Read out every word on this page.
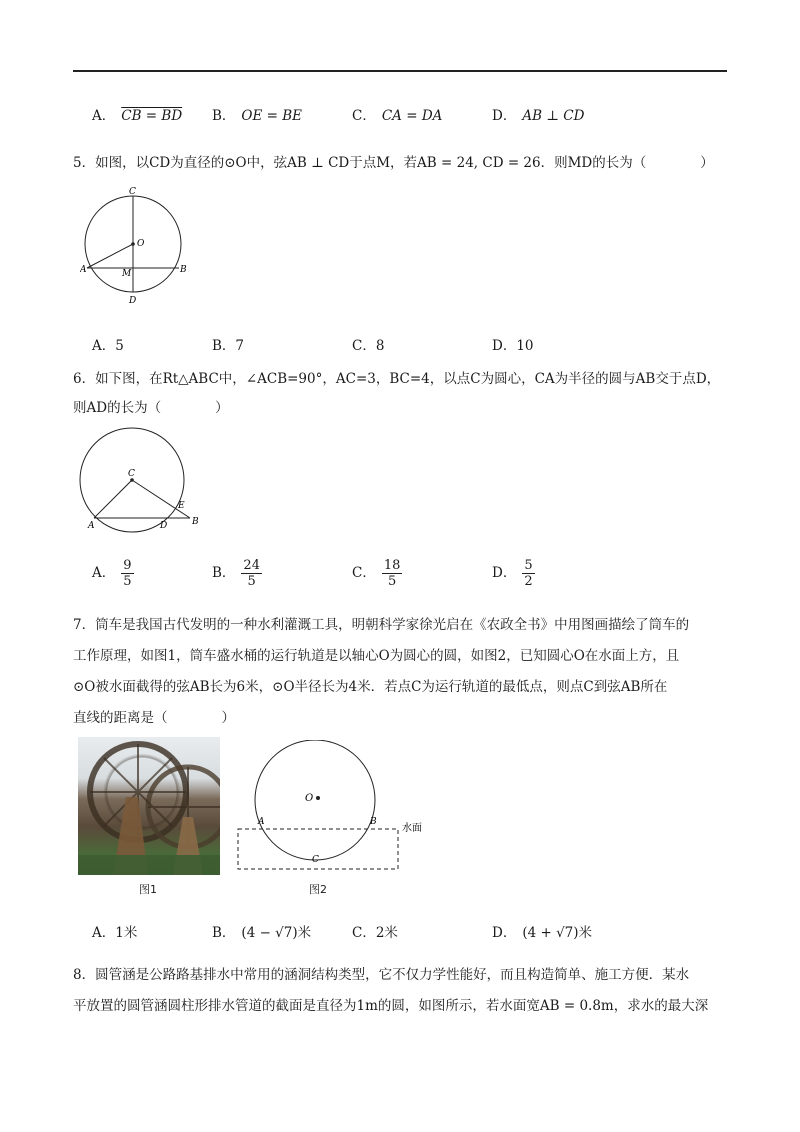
A． CB = BD B． OE = BE	C． CA = DA	D． AB ⊥ CD
5．如图，以CD为直径的⊙O中，弦AB ⊥ CD于点M，若AB = 24, CD = 26．则MD的长为（　　　　）
C
O
A	M	B
D
A．5	B．7	C．8	D．10
6．如下图，在Rt△ABC中，∠ACB=90°，AC=3，BC=4，以点C为圆心，CA为半径的圆与AB交于点D，
则AD的长为（　　　　）
C
E
A	D	B
A． $\frac{9}{5}$	B． $\frac{24}{5}$	C． $\frac{18}{5}$	D． $\frac{5}{2}$
7．筒车是我国古代发明的一种水利灌溉工具，明朝科学家徐光启在《农政全书》中用图画描绘了筒车的
工作原理，如图1，筒车盛水桶的运行轨道是以轴心O为圆心的圆，如图2，已知圆心O在水面上方，且
⊙O被水面截得的弦AB长为6米，⊙O半径长为4米．若点C为运行轨道的最低点，则点C到弦AB所在
直线的距离是（　　　　）
图1
O
A	B
C
水面
图2
A．1米	B． (4 − √7)米	C．2米	D． (4 + √7)米
8．圆管涵是公路路基排水中常用的涵洞结构类型，它不仅力学性能好，而且构造简单、施工方便．某水
平放置的圆管涵圆柱形排水管道的截面是直径为1m的圆，如图所示，若水面宽AB = 0.8m，求水的最大深
